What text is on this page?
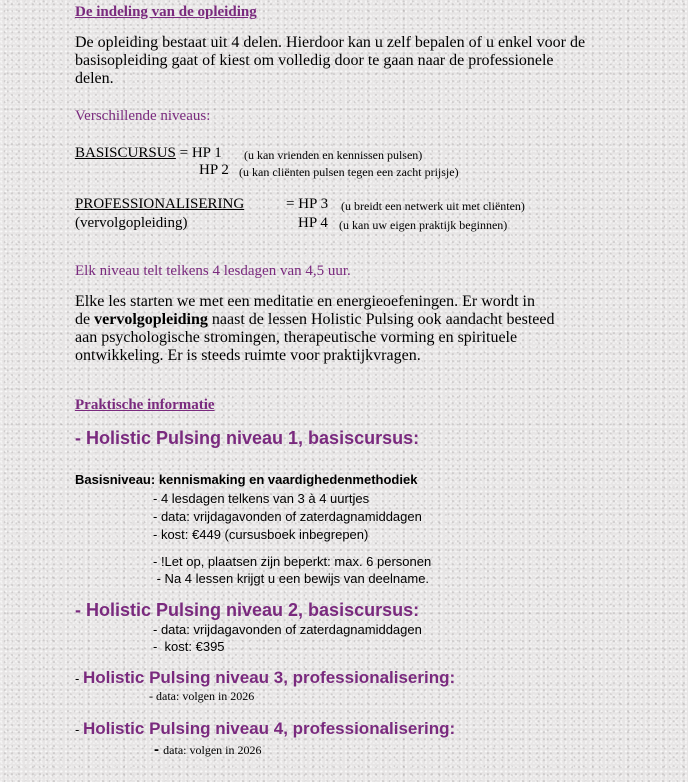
De indeling van de opleiding
De opleiding bestaat uit 4 delen. Hierdoor kan u zelf bepalen of u enkel voor de
basisopleiding gaat of kiest om volledig door te gaan naar de professionele
delen.
Verschillende niveaus:
BASISCURSUS = HP 1 (u kan vrienden en kennissen pulsen)
HP 2 (u kan cliënten pulsen tegen een zacht prijsje)
PROFESSIONALISERING	= HP 3 (u breidt een netwerk uit met cliënten)
(vervolgopleiding)	HP 4 (u kan uw eigen praktijk beginnen)
Elk niveau telt telkens 4 lesdagen van 4,5 uur.
Elke les starten we met een meditatie en energieoefeningen. Er wordt in
de vervolgopleiding naast de lessen Holistic Pulsing ook aandacht besteed
aan psychologische stromingen, therapeutische vorming en spirituele
ontwikkeling. Er is steeds ruimte voor praktijkvragen.
Praktische informatie
- Holistic Pulsing niveau 1, basiscursus:
Basisniveau: kennismaking en vaardighedenmethodiek
- 4 lesdagen telkens van 3 à 4 uurtjes
- data: vrijdagavonden of zaterdagnamiddagen
- kost: €449 (cursusboek inbegrepen)
- !Let op, plaatsen zijn beperkt: max. 6 personen
- Na 4 lessen krijgt u een bewijs van deelname.
- Holistic Pulsing niveau 2, basiscursus:
- data: vrijdagavonden of zaterdagnamiddagen
-  kost: €395
- Holistic Pulsing niveau 3, professionalisering:
- data: volgen in 2026
- Holistic Pulsing niveau 4, professionalisering:
- data: volgen in 2026
